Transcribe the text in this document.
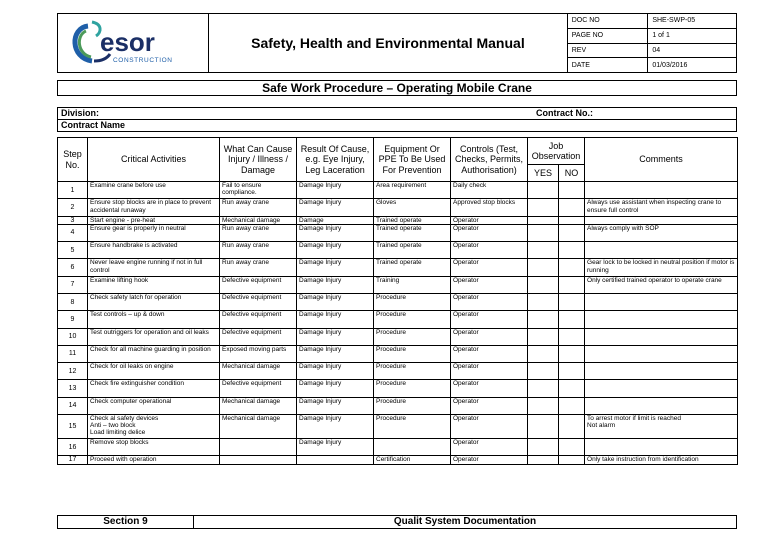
esor
CONSTRUCTION	Safety, Health and Environmental Manual	DOC NO	SHE-SWP-05
		PAGE NO	1 of 1
		REV	04
		DATE	01/03/2016
Safe Work Procedure – Operating Mobile Crane
Division:	Contract No.:

Contract Name
Step No.	Critical Activities	What Can Cause Injury / Illness / Damage	Result Of Cause, e.g. Eye Injury, Leg Laceration	Equipment Or PPE To Be Used For Prevention	Controls (Test, Checks, Permits, Authorisation)	Job Observation		Comments
						YES	NO	
1	Examine crane before use	Fail to ensure compliance.	Damage Injury	Area requirement	Daily check			
2	Ensure stop blocks are in place to prevent accidental runaway	Run away crane	Damage Injury	Gloves	Approved stop blocks			Always use assistant when inspecting crane to ensure full control
3	Start engine - pre-heat	Mechanical damage	Damage	Trained operate	Operator			
4	Ensure gear is properly in neutral	Run away crane	Damage Injury	Trained operate	Operator			Always comply with SOP
5	Ensure handbrake is activated	Run away crane	Damage Injury	Trained operate	Operator			
6	Never leave engine running if not in full control	Run away crane	Damage Injury	Trained operate	Operator			Gear lock to be locked in neutral position if motor is running
7	Examine lifting hook	Defective equipment	Damage Injury	Training	Operator			Only certified trained operator to operate crane
8	Check safety latch for operation	Defective equipment	Damage Injury	Procedure	Operator			
9	Test controls – up & down	Defective equipment	Damage Injury	Procedure	Operator			
10	Test outriggers for operation and oil leaks	Defective equipment	Damage Injury	Procedure	Operator			
11	Check for all machine guarding in position	Exposed moving parts	Damage Injury	Procedure	Operator			
12	Check for oil leaks on engine	Mechanical damage	Damage Injury	Procedure	Operator			
13	Check fire extinguisher condition	Defective equipment	Damage Injury	Procedure	Operator			
14	Check computer operational	Mechanical damage	Damage Injury	Procedure	Operator			
15	Check al safety devices
Anti – two block
Load limiting delice	Mechanical damage	Damage Injury	Procedure	Operator			To arrest motor if limit is reached
Not alarm
16	Remove stop blocks		Damage Injury		Operator			
17	Proceed with operation			Certification	Operator			Only take instruction from identification
Section 9	Qualit System Documentation
